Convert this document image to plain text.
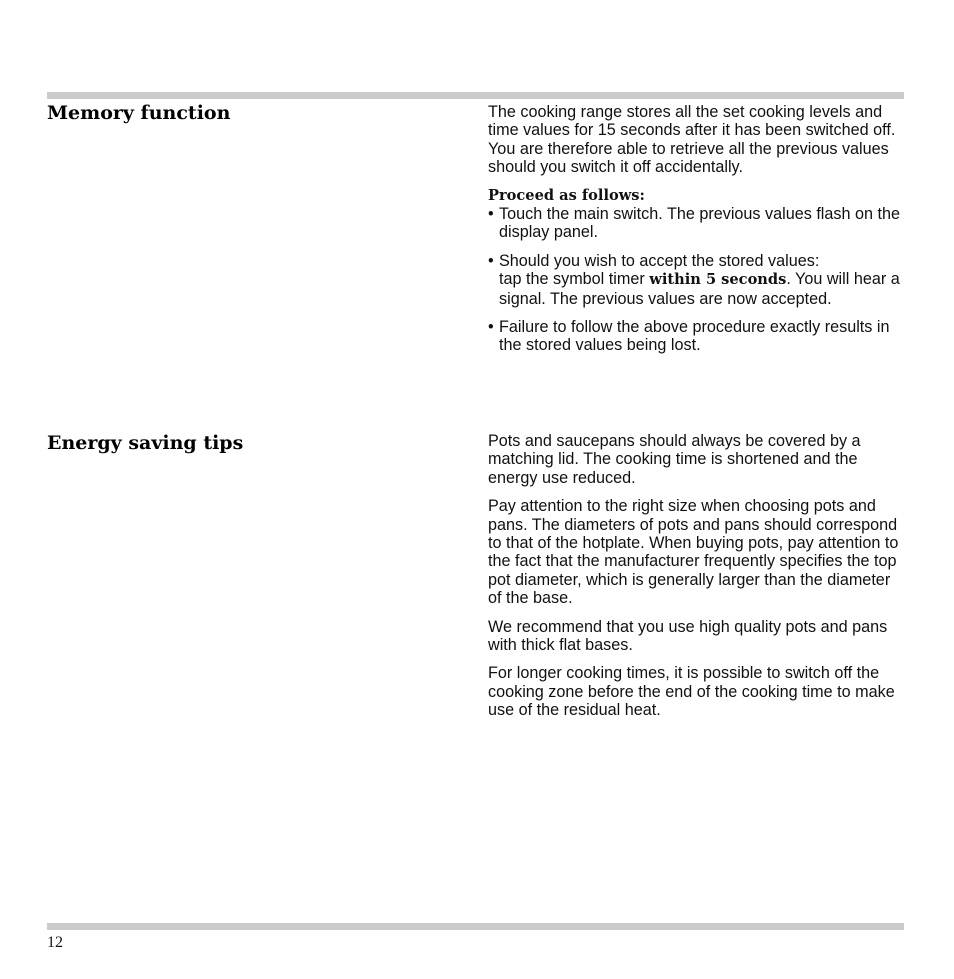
Memory function	The cooking range stores all the set cooking levels and time values for 15 seconds after it has been switched off. You are therefore able to retrieve all the previous values should you switch it off accidentally.

Proceed as follows:

• Touch the main switch. The previous values flash on the display panel.
• Should you wish to accept the stored values:
tap the symbol timer within 5 seconds. You will hear a signal. The previous values are now accepted.
• Failure to follow the above procedure exactly results in the stored values being lost.
Energy saving tips	Pots and saucepans should always be covered by a matching lid. The cooking time is shortened and the energy use reduced.

Pay attention to the right size when choosing pots and pans. The diameters of pots and pans should correspond to that of the hotplate. When buying pots, pay attention to the fact that the manufacturer frequently specifies the top pot diameter, which is generally larger than the diameter of the base.

We recommend that you use high quality pots and pans with thick flat bases.

For longer cooking times, it is possible to switch off the cooking zone before the end of the cooking time to make use of the residual heat.

12
